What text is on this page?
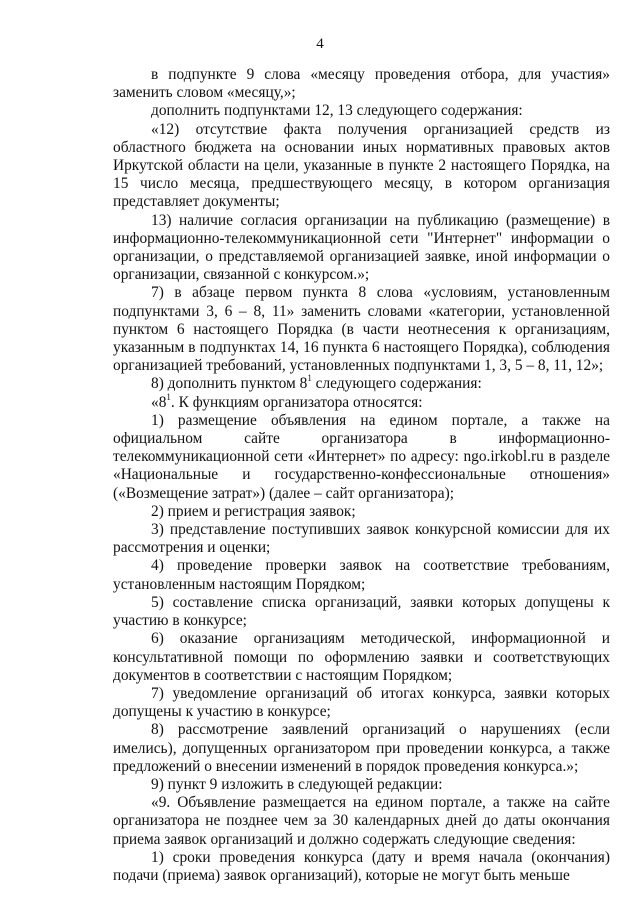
4

в подпункте 9 слова «месяцу проведения отбора, для участия» заменить словом «месяцу,»;

дополнить подпунктами 12, 13 следующего содержания:

«12) отсутствие факта получения организацией средств из областного бюджета на основании иных нормативных правовых актов Иркутской области на цели, указанные в пункте 2 настоящего Порядка, на 15 число месяца, предшествующего месяцу, в котором организация представляет документы;

13) наличие согласия организации на публикацию (размещение) в информационно-телекоммуникационной сети "Интернет" информации о организации, о представляемой организацией заявке, иной информации о организации, связанной с конкурсом.»;

7) в абзаце первом пункта 8 слова «условиям, установленным подпунктами 3, 6 – 8, 11» заменить словами «категории, установленной пунктом 6 настоящего Порядка (в части неотнесения к организациям, указанным в подпунктах 14, 16 пункта 6 настоящего Порядка), соблюдения организацией требований, установленных подпунктами 1, 3, 5 – 8, 11, 12»;

8) дополнить пунктом $8^1$ следующего содержания:

«$8^1$. К функциям организатора относятся:

1) размещение объявления на едином портале, а также на официальном сайте организатора в информационно-телекоммуникационной сети «Интернет» по адресу: ngo.irkobl.ru в разделе «Национальные и государственно-конфессиональные отношения» («Возмещение затрат») (далее – сайт организатора);

2) прием и регистрация заявок;

3) представление поступивших заявок конкурсной комиссии для их рассмотрения и оценки;

4) проведение проверки заявок на соответствие требованиям, установленным настоящим Порядком;

5) составление списка организаций, заявки которых допущены к участию в конкурсе;

6) оказание организациям методической, информационной и консультативной помощи по оформлению заявки и соответствующих документов в соответствии с настоящим Порядком;

7) уведомление организаций об итогах конкурса, заявки которых допущены к участию в конкурсе;

8) рассмотрение заявлений организаций о нарушениях (если имелись), допущенных организатором при проведении конкурса, а также предложений о внесении изменений в порядок проведения конкурса.»;

9) пункт 9 изложить в следующей редакции:

«9. Объявление размещается на едином портале, а также на сайте организатора не позднее чем за 30 календарных дней до даты окончания приема заявок организаций и должно содержать следующие сведения:

1) сроки проведения конкурса (дату и время начала (окончания) подачи (приема) заявок организаций), которые не могут быть меньше
